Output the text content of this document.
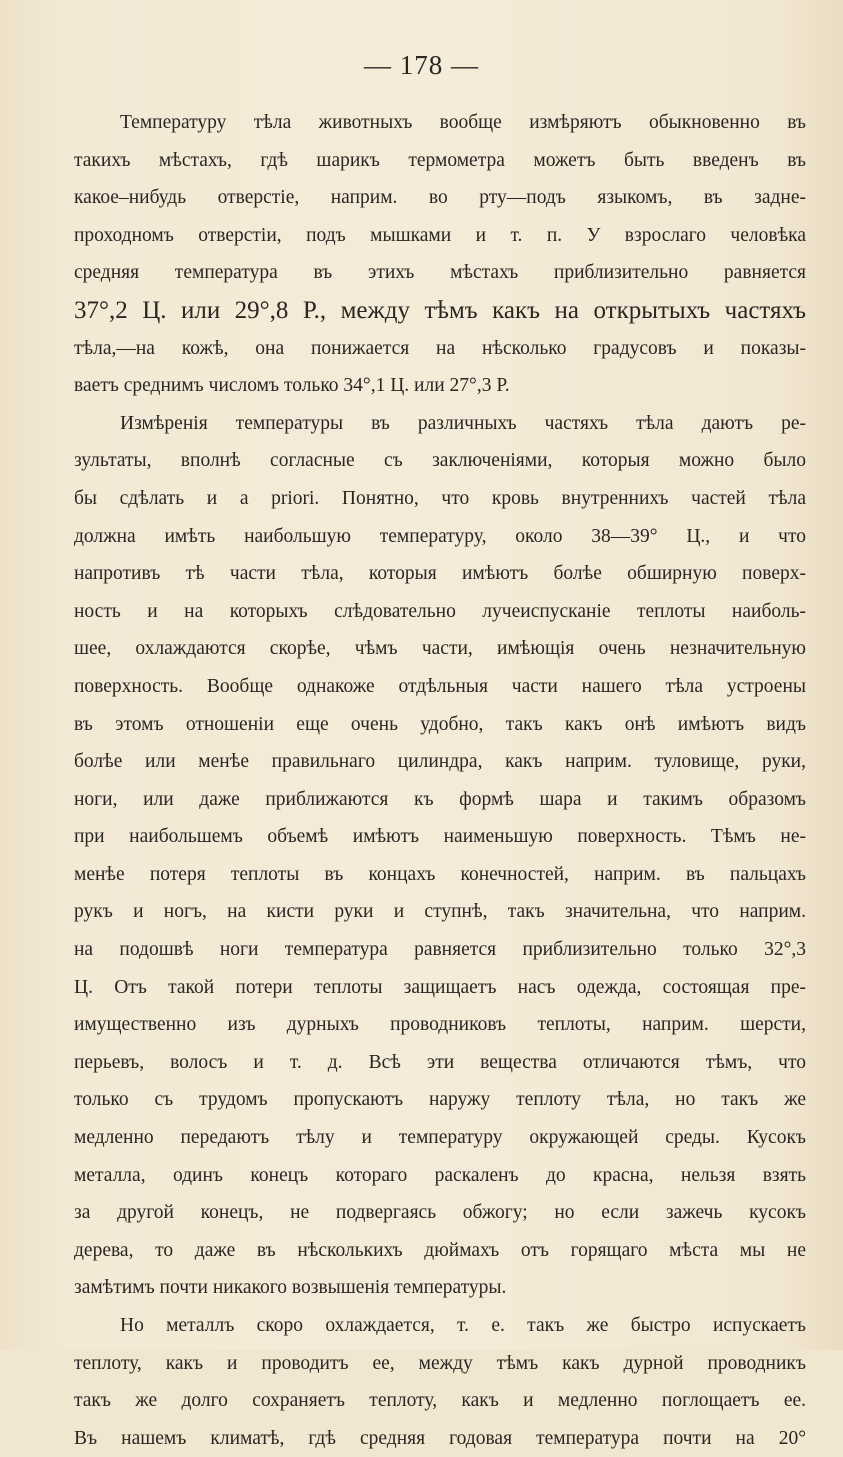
— 178 —
Температуру тѣла животныхъ вообще измѣряютъ обыкновенно въ
такихъ мѣстахъ, гдѣ шарикъ термометра можетъ быть введенъ въ
какое–нибудь отверстіе, наприм. во рту—подъ языкомъ, въ задне-
проходномъ отверстіи, подъ мышками и т. п. У взрослаго человѣка
средняя температура въ этихъ мѣстахъ приблизительно равняется
37°,2 Ц. или 29°,8 Р., между тѣмъ какъ на открытыхъ частяхъ
тѣла,—на кожѣ, она понижается на нѣсколько градусовъ и показы-
ваетъ среднимъ числомъ только 34°,1 Ц. или 27°,3 Р.
Измѣренія температуры въ различныхъ частяхъ тѣла даютъ ре-
зультаты, вполнѣ согласные съ заключеніями, которыя можно было
бы сдѣлать и a priori. Понятно, что кровь внутреннихъ частей тѣла
должна имѣть наибольшую температуру, около 38—39° Ц., и что
напротивъ тѣ части тѣла, которыя имѣютъ болѣе обширную поверх-
ность и на которыхъ слѣдовательно лучеиспусканіе теплоты наиболь-
шее, охлаждаются скорѣе, чѣмъ части, имѣющія очень незначительную
поверхность. Вообще однакоже отдѣльныя части нашего тѣла устроены
въ этомъ отношеніи еще очень удобно, такъ какъ онѣ имѣютъ видъ
болѣе или менѣе правильнаго цилиндра, какъ наприм. туловище, руки,
ноги, или даже приближаются къ формѣ шара и такимъ образомъ
при наибольшемъ объемѣ имѣютъ наименьшую поверхность. Тѣмъ не-
менѣе потеря теплоты въ концахъ конечностей, наприм. въ пальцахъ
рукъ и ногъ, на кисти руки и ступнѣ, такъ значительна, что наприм.
на подошвѣ ноги температура равняется приблизительно только 32°,3
Ц. Отъ такой потери теплоты защищаетъ насъ одежда, состоящая пре-
имущественно изъ дурныхъ проводниковъ теплоты, наприм. шерсти,
перьевъ, волосъ и т. д. Всѣ эти вещества отличаются тѣмъ, что
только съ трудомъ пропускаютъ наружу теплоту тѣла, но такъ же
медленно передаютъ тѣлу и температуру окружающей среды. Кусокъ
металла, одинъ конецъ котораго раскаленъ до красна, нельзя взять
за другой конецъ, не подвергаясь обжогу; но если зажечь кусокъ
дерева, то даже въ нѣсколькихъ дюймахъ отъ горящаго мѣста мы не
замѣтимъ почти никакого возвышенія температуры.
Но металлъ скоро охлаждается, т. е. такъ же быстро испускаетъ
теплоту, какъ и проводитъ ее, между тѣмъ какъ дурной проводникъ
такъ же долго сохраняетъ теплоту, какъ и медленно поглощаетъ ее.
Въ нашемъ климатѣ, гдѣ средняя годовая температура почти на 20°
